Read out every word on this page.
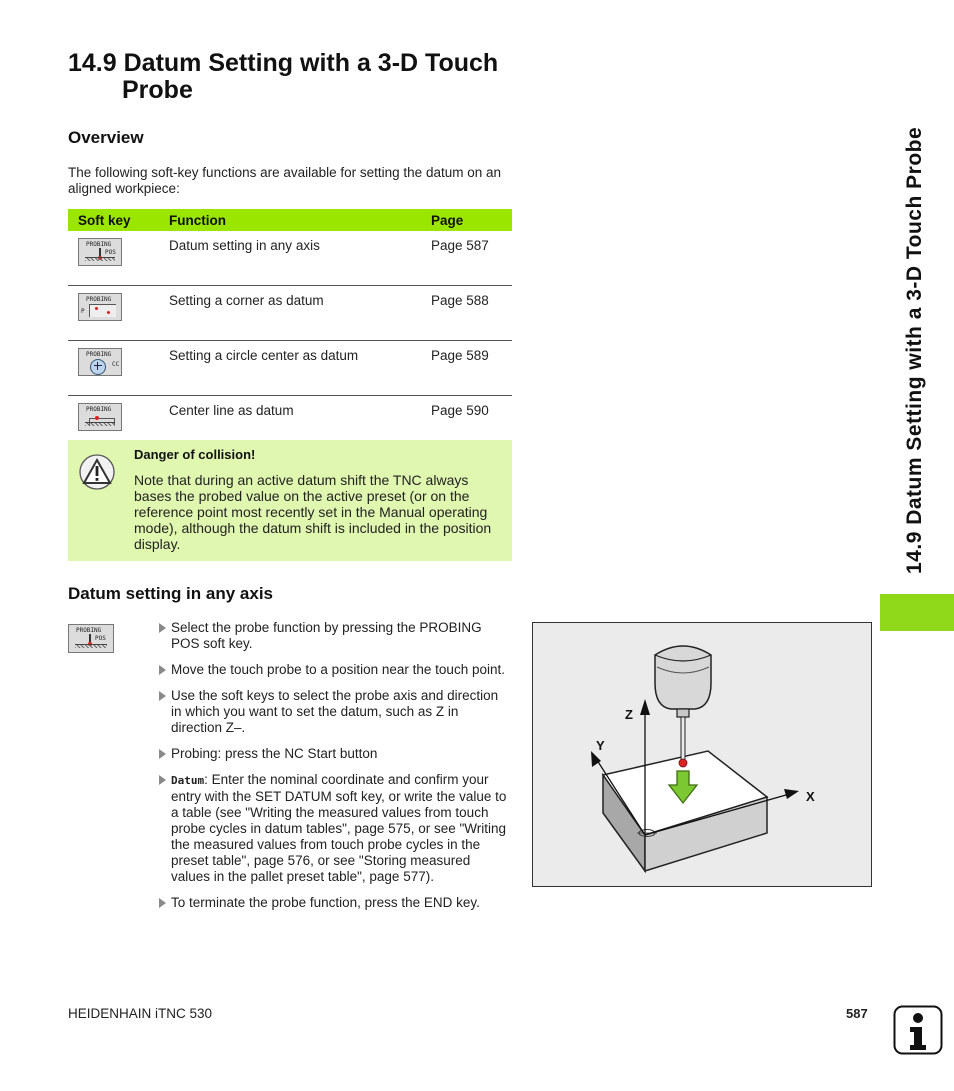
14.9 Datum Setting with a 3-D Touch
Probe
Overview
The following soft-key functions are available for setting the datum on an aligned workpiece:
Soft key	Function	Page

PROBING
POS	Datum setting in any axis	Page 587

PROBING
P	Setting a corner as datum	Page 588

PROBING
CC	Setting a circle center as datum	Page 589

PROBING	Center line as datum	Page 590
Danger of collision!
Note that during an active datum shift the TNC always bases the probed value on the active preset (or on the reference point most recently set in the Manual operating mode), although the datum shift is included in the position display.
Datum setting in any axis
PROBING
POS
Select the probe function by pressing the PROBING POS soft key.
Move the touch probe to a position near the touch point.
Use the soft keys to select the probe axis and direction in which you want to set the datum, such as Z in direction Z–.
Probing: press the NC Start button
Datum: Enter the nominal coordinate and confirm your entry with the SET DATUM soft key, or write the value to a table (see "Writing the measured values from touch probe cycles in datum tables", page 575, or see "Writing the measured values from touch probe cycles in the preset table", page 576, or see "Storing measured values in the pallet preset table", page 577).
To terminate the probe function, press the END key.
Z
Y
X
14.9 Datum Setting with a 3-D Touch Probe
HEIDENHAIN iTNC 530	587
